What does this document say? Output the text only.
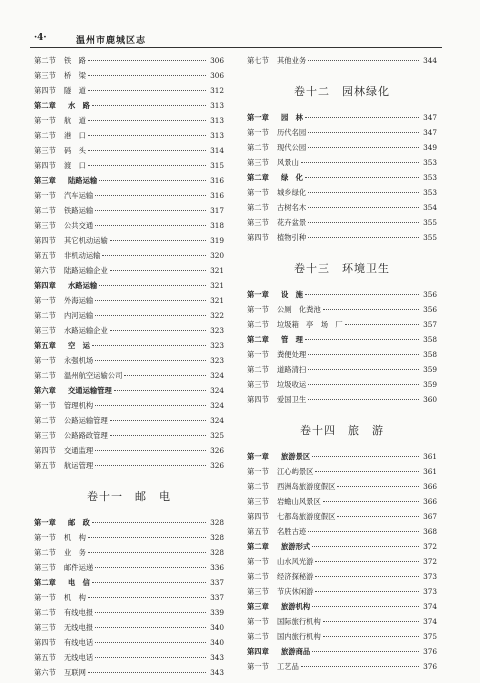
·4·	温州市鹿城区志
第二节	铁　路	306
第三节	桥　梁	306
第四节	隧　道	312
第二章	水　路	313
第一节	航　道	313
第二节	港　口	313
第三节	码　头	314
第四节	渡　口	315
第三章	陆路运输	316
第一节	汽车运输	316
第二节	铁路运输	317
第三节	公共交通	318
第四节	其它机动运输	319
第五节	非机动运输	320
第六节	陆路运输企业	321
第四章	水路运输	321
第一节	外海运输	321
第二节	内河运输	322
第三节	水路运输企业	323
第五章	空　运	323
第一节	永强机场	323
第二节	温州航空运输公司	324
第六章	交通运输管理	324
第一节	管理机构	324
第二节	公路运输管理	324
第三节	公路路政管理	325
第四节	交通监理	326
第五节	航运管理	326
卷十一 邮　电
第一章	邮　政	328
第一节	机　构	328
第二节	业　务	328
第三节	邮件运递	336
第二章	电　信	337
第一节	机　构	337
第二节	有线电报	339
第三节	无线电报	340
第四节	有线电话	340
第五节	无线电话	343
第六节	互联网	343
第七节	其他业务	344
卷十二 园林绿化
第一章	园　林	347
第一节	历代名园	347
第二节	现代公园	349
第三节	风景山	353
第二章	绿　化	353
第一节	城乡绿化	353
第二节	古树名木	354
第三节	花卉盆景	355
第四节	植物引种	355
卷十三 环境卫生
第一章	设　施	356
第一节	公厕　化粪池	356
第二节	垃圾箱　亭　场　厂	357
第二章	管　理	358
第一节	粪便处理	358
第二节	道路清扫	359
第三节	垃圾收运	359
第四节	爱国卫生	360
卷十四 旅　游
第一章	旅游景区	361
第一节	江心屿景区	361
第二节	西洲岛旅游度假区	366
第三节	岩蟾山风景区	366
第四节	七都岛旅游度假区	367
第五节	名胜古迹	368
第二章	旅游形式	372
第一节	山水风光游	372
第二节	经济探秘游	373
第三节	节庆休闲游	373
第三章	旅游机构	374
第一节	国际旅行机构	374
第二节	国内旅行机构	375
第四章	旅游商品	376
第一节	工艺品	376
